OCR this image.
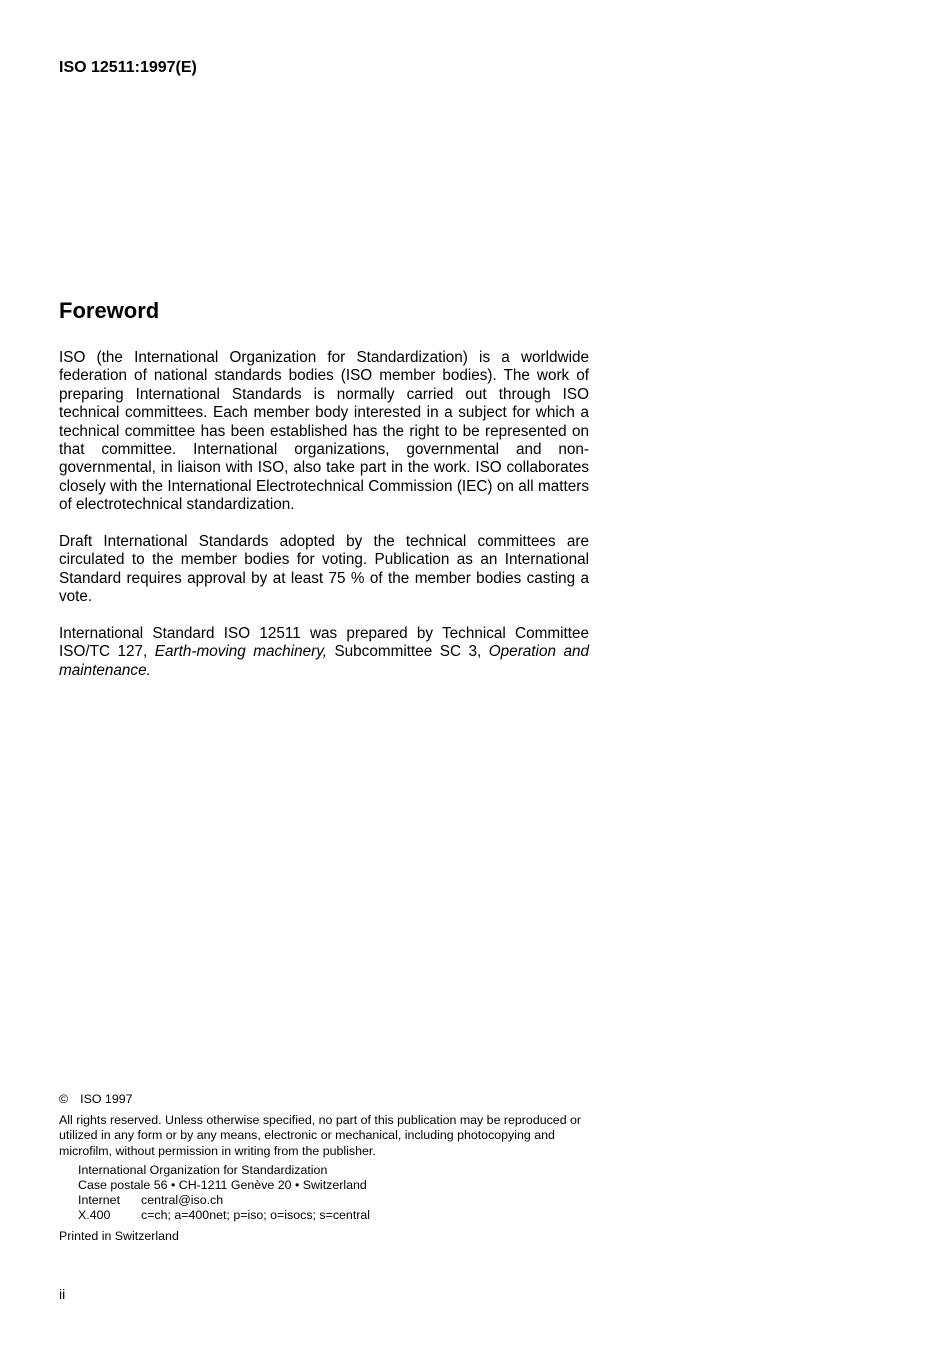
ISO 12511:1997(E)
Foreword

ISO (the International Organization for Standardization) is a worldwide federation of national standards bodies (ISO member bodies). The work of preparing International Standards is normally carried out through ISO technical committees. Each member body interested in a subject for which a technical committee has been established has the right to be represented on that committee. International organizations, governmental and non-governmental, in liaison with ISO, also take part in the work. ISO collaborates closely with the International Electrotechnical Commission (IEC) on all matters of electrotechnical standardization.

Draft International Standards adopted by the technical committees are circulated to the member bodies for voting. Publication as an International Standard requires approval by at least 75 % of the member bodies casting a vote.

International Standard ISO 12511 was prepared by Technical Committee ISO/TC 127, Earth-moving machinery, Subcommittee SC 3, Operation and maintenance.

© ISO 1997

All rights reserved. Unless otherwise specified, no part of this publication may be reproduced or utilized in any form or by any means, electronic or mechanical, including photocopying and microfilm, without permission in writing from the publisher.

International Organization for Standardization
Case postale 56 • CH-1211 Genève 20 • Switzerland
Internet	central@iso.ch
X.400	c=ch; a=400net; p=iso; o=isocs; s=central

Printed in Switzerland

ii
